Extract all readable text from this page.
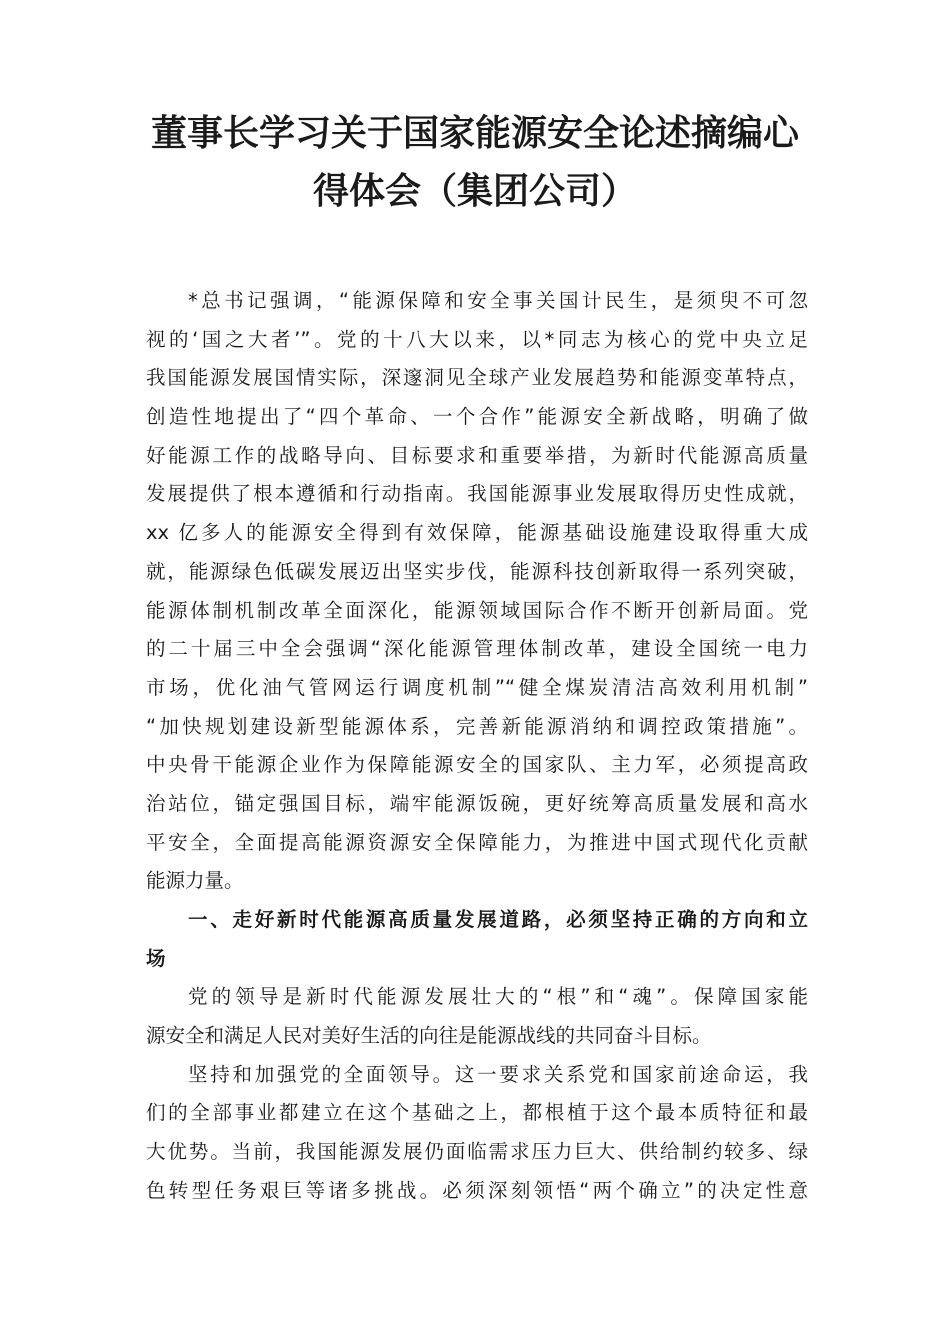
董事长学习关于国家能源安全论述摘编心
得体会（集团公司）
*总书记强调，“能源保障和安全事关国计民生，是须臾不可忽
视的‘国之大者’”。党的十八大以来，以*同志为核心的党中央立足
我国能源发展国情实际，深邃洞见全球产业发展趋势和能源变革特点，
创造性地提出了“四个革命、一个合作”能源安全新战略，明确了做
好能源工作的战略导向、目标要求和重要举措，为新时代能源高质量
发展提供了根本遵循和行动指南。我国能源事业发展取得历史性成就，
xx 亿多人的能源安全得到有效保障，能源基础设施建设取得重大成
就，能源绿色低碳发展迈出坚实步伐，能源科技创新取得一系列突破，
能源体制机制改革全面深化，能源领域国际合作不断开创新局面。党
的二十届三中全会强调“深化能源管理体制改革，建设全国统一电力
市场，优化油气管网运行调度机制”“健全煤炭清洁高效利用机制”
“加快规划建设新型能源体系，完善新能源消纳和调控政策措施”。
中央骨干能源企业作为保障能源安全的国家队、主力军，必须提高政
治站位，锚定强国目标，端牢能源饭碗，更好统筹高质量发展和高水
平安全，全面提高能源资源安全保障能力，为推进中国式现代化贡献
能源力量。
一、走好新时代能源高质量发展道路，必须坚持正确的方向和立
场
党的领导是新时代能源发展壮大的“根”和“魂”。保障国家能
源安全和满足人民对美好生活的向往是能源战线的共同奋斗目标。
坚持和加强党的全面领导。这一要求关系党和国家前途命运，我
们的全部事业都建立在这个基础之上，都根植于这个最本质特征和最
大优势。当前，我国能源发展仍面临需求压力巨大、供给制约较多、绿
色转型任务艰巨等诸多挑战。必须深刻领悟“两个确立”的决定性意
